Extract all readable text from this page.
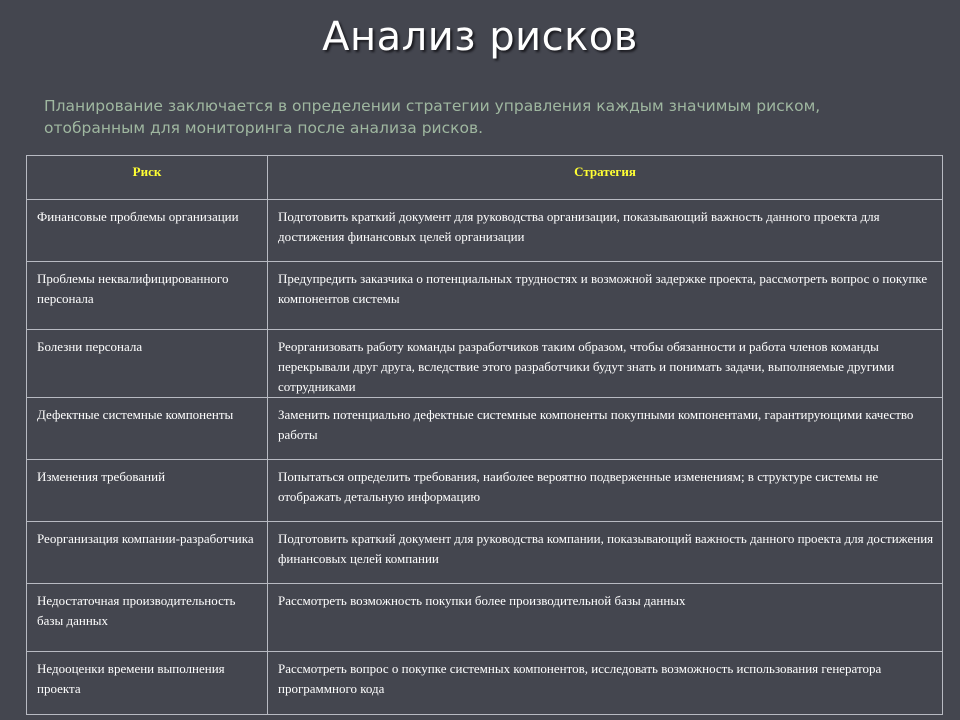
Анализ рисков
Планирование заключается в определении стратегии управления каждым значимым риском, отобранным для мониторинга после анализа рисков.
Риск	Стратегия

Финансовые проблемы организации	Подготовить краткий документ для руководства организации, показывающий важность данного проекта для достижения финансовых целей организации

Проблемы неквалифицированного персонала	Предупредить заказчика о потенциальных трудностях и возможной задержке проекта, рассмотреть вопрос о покупке компонентов системы

Болезни персонала	Реорганизовать работу команды разработчиков таким образом, чтобы обязанности и работа членов команды перекрывали друг друга, вследствие этого разработчики будут знать и понимать задачи, выполняемые другими сотрудниками

Дефектные системные компоненты	Заменить потенциально дефектные системные компоненты покупными компонентами, гарантирующими качество работы

Изменения требований	Попытаться определить требования, наиболее вероятно подверженные изменениям; в структуре системы не отображать детальную информацию

Реорганизация компании-разработчика	Подготовить краткий документ для руководства компании, показывающий важность данного проекта для достижения финансовых целей компании

Недостаточная производительность базы данных	Рассмотреть возможность покупки более производительной базы данных

Недооценки времени выполнения проекта	Рассмотреть вопрос о покупке системных компонентов, исследовать возможность использования генератора программного кода
